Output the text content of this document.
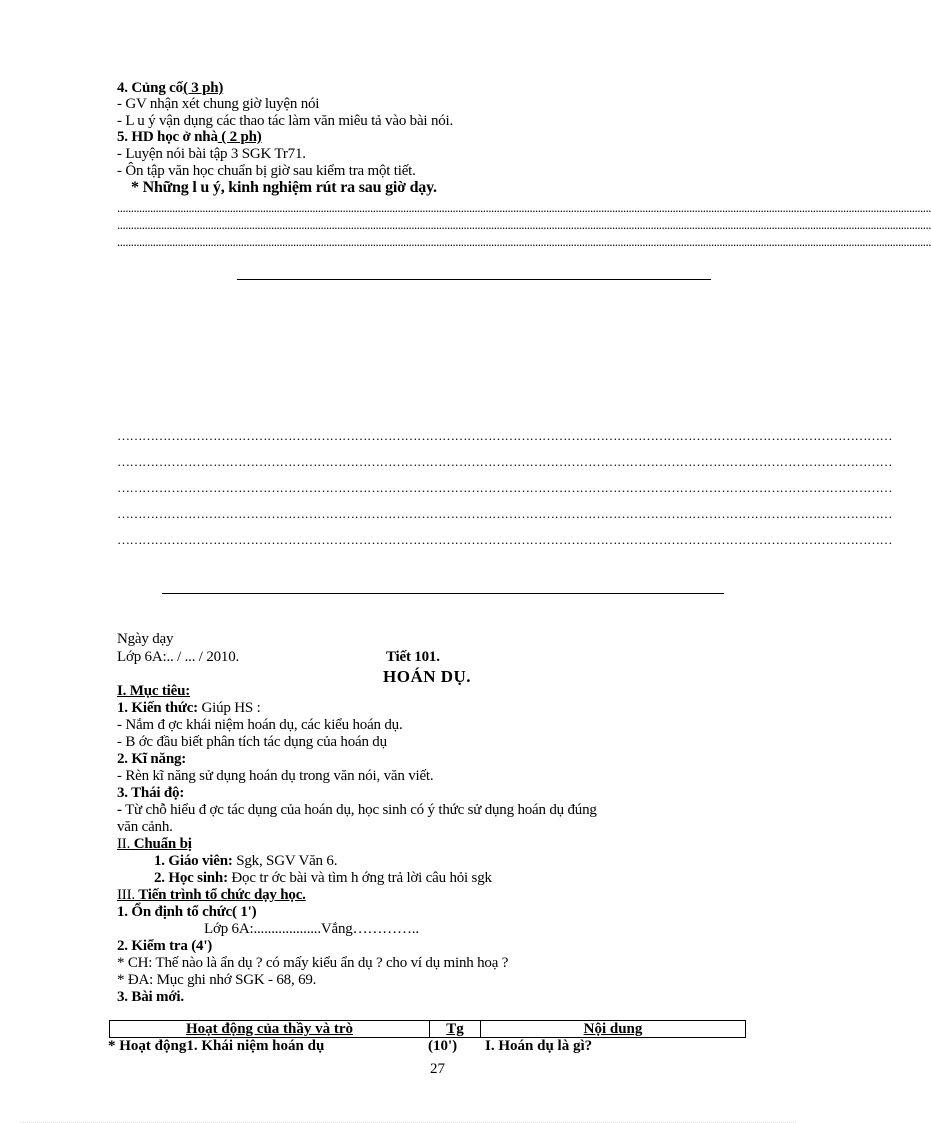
4. Củng cố( 3 ph)
- GV nhận xét chung giờ luyện nói
- L u ý vận dụng các thao tác làm văn miêu tả vào bài nói.
5. HD học ở nhà ( 2 ph)
- Luyện nói bài tập 3 SGK Tr71.
- Ôn tập văn học chuẩn bị giờ sau kiểm tra một tiết.
* Những l u ý, kinh nghiệm rút ra sau giờ dạy.
........................................................................................................................................................................................................................................................................................................
........................................................................................................................................................................................................................................................................................................
........................................................................................................................................................................................................................................................................................................
……………………………………………………………………………………………………………………………………………………………………
……………………………………………………………………………………………………………………………………………………………………
……………………………………………………………………………………………………………………………………………………………………
……………………………………………………………………………………………………………………………………………………………………
……………………………………………………………………………………………………………………………………………………………………
Ngày dạy
Lớp 6A:.. / ... / 2010.	Tiết 101.
HOÁN DỤ.
I. Mục tiêu:
1. Kiến thức: Giúp HS :
- Nắm đ ợc khái niệm hoán dụ, các kiểu hoán dụ.
- B ớc đầu biết phân tích tác dụng của hoán dụ
2. Kĩ năng:
- Rèn kĩ năng sử dụng hoán dụ trong văn nói, văn viết.
3. Thái độ:
- Từ chỗ hiểu đ ợc tác dụng của hoán dụ, học sinh có ý thức sử dụng hoán dụ đúng
văn cảnh.
II. Chuẩn bị
1. Giáo viên: Sgk, SGV Văn 6.
2. Học sinh: Đọc tr ớc bài và tìm h ớng trả lời câu hỏi sgk
III. Tiến trình tổ chức dạy học.
1. Ổn định tổ chức( 1')
Lớp 6A:...................Vắng…………..
2. Kiểm tra (4')
* CH: Thế nào là ẩn dụ ? có mấy kiểu ẩn dụ ? cho ví dụ minh hoạ ?
* ĐA: Mục ghi nhớ SGK - 68, 69.
3. Bài mới.
Hoạt động của thầy và trò	Tg	Nội dung
* Hoạt động1. Khái niệm hoán dụ	(10') I. Hoán dụ là gì?
27
